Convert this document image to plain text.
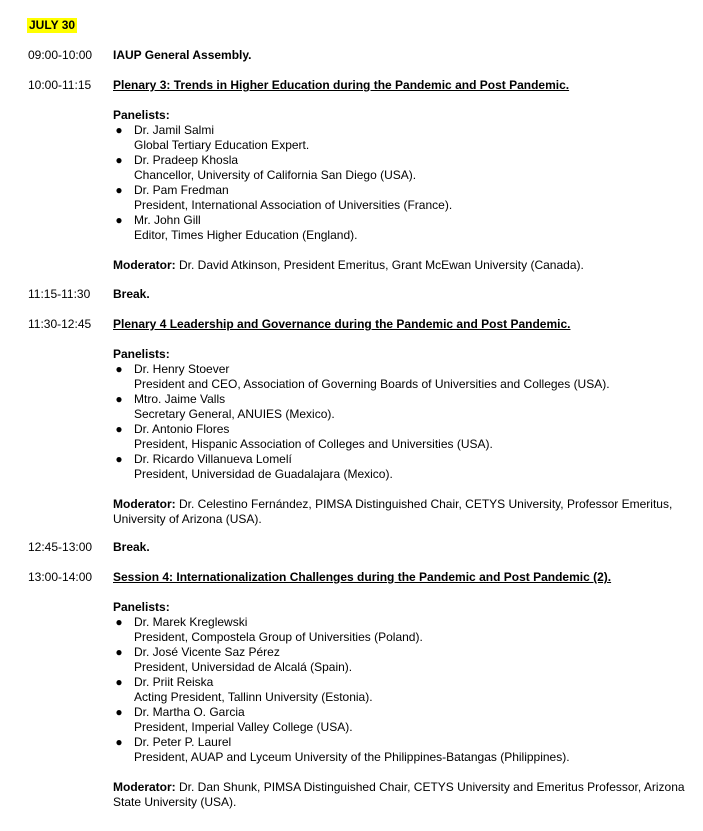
JULY 30
09:00-10:00 IAUP General Assembly.
10:00-11:15 Plenary 3: Trends in Higher Education during the Pandemic and Post Pandemic.
Panelists:
● Dr. Jamil Salmi
Global Tertiary Education Expert.
● Dr. Pradeep Khosla
Chancellor, University of California San Diego (USA).
● Dr. Pam Fredman
President, International Association of Universities (France).
● Mr. John Gill
Editor, Times Higher Education (England).
Moderator: Dr. David Atkinson, President Emeritus, Grant McEwan University (Canada).
11:15-11:30 Break.
11:30-12:45 Plenary 4 Leadership and Governance during the Pandemic and Post Pandemic.
Panelists:
● Dr. Henry Stoever
President and CEO, Association of Governing Boards of Universities and Colleges (USA).
● Mtro. Jaime Valls
Secretary General, ANUIES (Mexico).
● Dr. Antonio Flores
President, Hispanic Association of Colleges and Universities (USA).
● Dr. Ricardo Villanueva Lomelí
President, Universidad de Guadalajara (Mexico).
Moderator: Dr. Celestino Fernández, PIMSA Distinguished Chair, CETYS University, Professor Emeritus, University of Arizona (USA).
12:45-13:00 Break.
13:00-14:00 Session 4: Internationalization Challenges during the Pandemic and Post Pandemic (2).
Panelists:
● Dr. Marek Kreglewski
President, Compostela Group of Universities (Poland).
● Dr. José Vicente Saz Pérez
President, Universidad de Alcalá (Spain).
● Dr. Priit Reiska
Acting President, Tallinn University (Estonia).
● Dr. Martha O. Garcia
President, Imperial Valley College (USA).
● Dr. Peter P. Laurel
President, AUAP and Lyceum University of the Philippines-Batangas (Philippines).
Moderator: Dr. Dan Shunk, PIMSA Distinguished Chair, CETYS University and Emeritus Professor, Arizona State University (USA).
